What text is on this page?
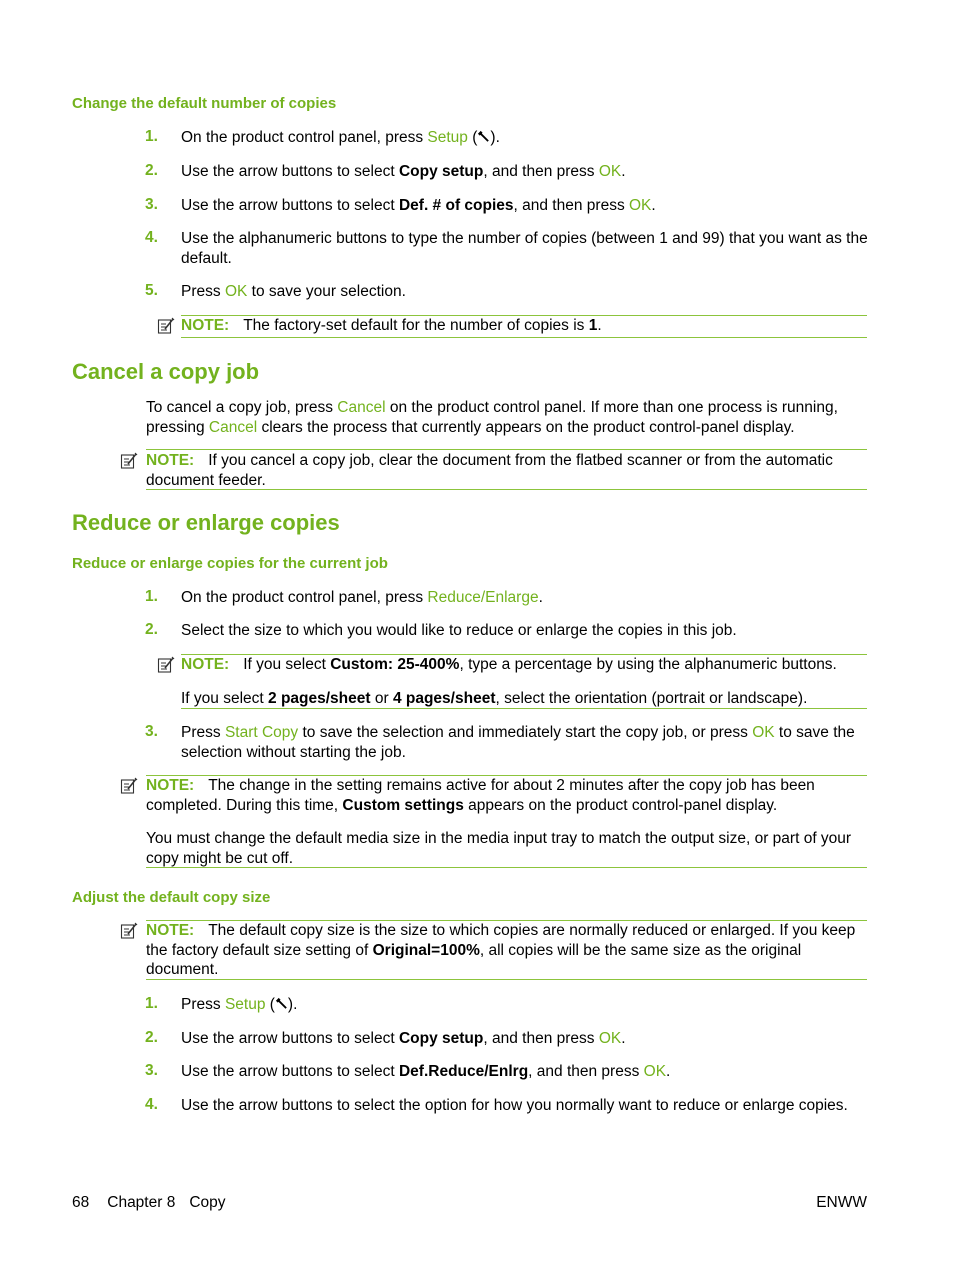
Change the default number of copies
1. On the product control panel, press Setup ( ).
2. Use the arrow buttons to select Copy setup, and then press OK.
3. Use the arrow buttons to select Def. # of copies, and then press OK.
4. Use the alphanumeric buttons to type the number of copies (between 1 and 99) that you want as the default.
5. Press OK to save your selection.
NOTE: The factory-set default for the number of copies is 1.
Cancel a copy job
To cancel a copy job, press Cancel on the product control panel. If more than one process is running, pressing Cancel clears the process that currently appears on the product control-panel display.
NOTE: If you cancel a copy job, clear the document from the flatbed scanner or from the automatic document feeder.
Reduce or enlarge copies
Reduce or enlarge copies for the current job
1. On the product control panel, press Reduce/Enlarge.
2. Select the size to which you would like to reduce or enlarge the copies in this job.
NOTE: If you select Custom: 25-400%, type a percentage by using the alphanumeric buttons.
If you select 2 pages/sheet or 4 pages/sheet, select the orientation (portrait or landscape).
3. Press Start Copy to save the selection and immediately start the copy job, or press OK to save the selection without starting the job.
NOTE: The change in the setting remains active for about 2 minutes after the copy job has been completed. During this time, Custom settings appears on the product control-panel display.
You must change the default media size in the media input tray to match the output size, or part of your copy might be cut off.
Adjust the default copy size
NOTE: The default copy size is the size to which copies are normally reduced or enlarged. If you keep the factory default size setting of Original=100%, all copies will be the same size as the original document.
1. Press Setup ( ).
2. Use the arrow buttons to select Copy setup, and then press OK.
3. Use the arrow buttons to select Def.Reduce/Enlrg, and then press OK.
4. Use the arrow buttons to select the option for how you normally want to reduce or enlarge copies.
68 Chapter 8 Copy	ENWW
